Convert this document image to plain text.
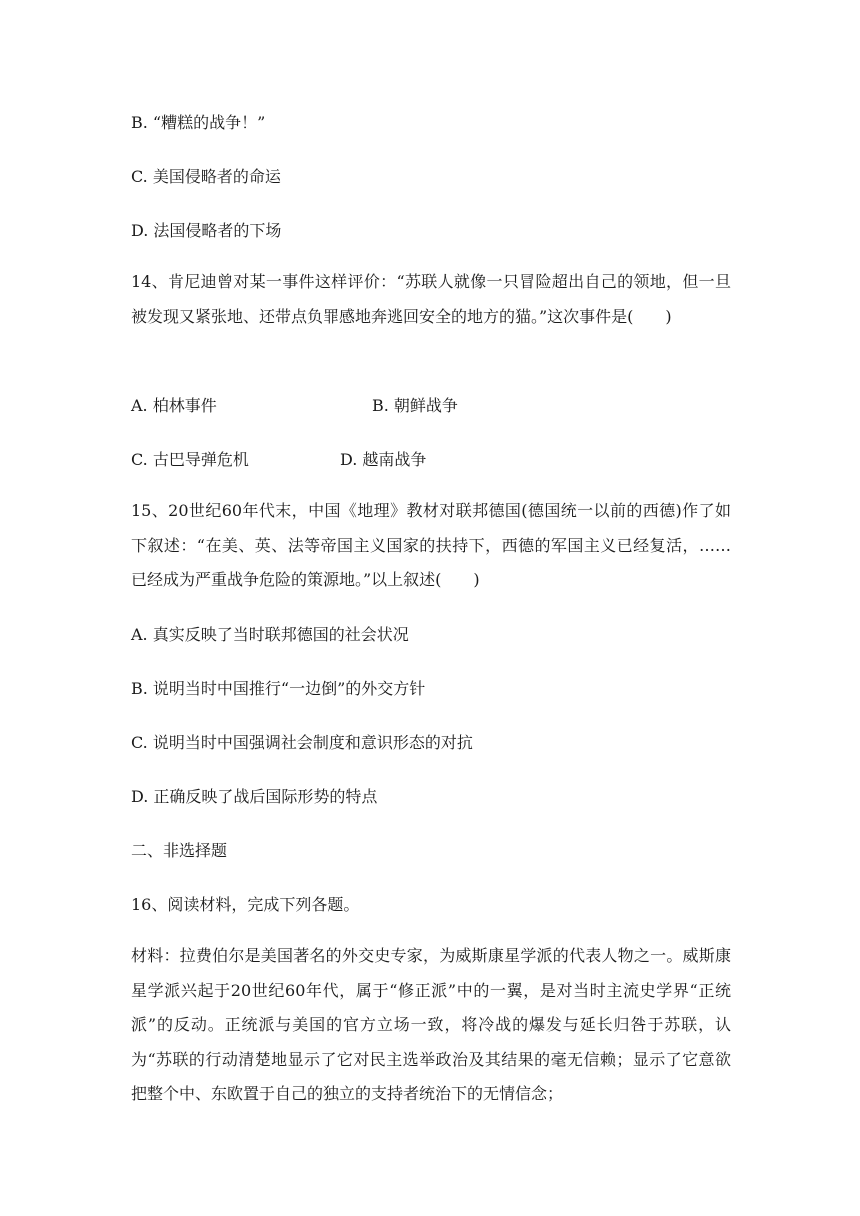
B. “糟糕的战争！”
C. 美国侵略者的命运
D. 法国侵略者的下场
14、肯尼迪曾对某一事件这样评价：“苏联人就像一只冒险超出自己的领地，但一旦被发现又紧张地、还带点负罪感地奔逃回安全的地方的猫。”这次事件是(　　)
A. 柏林事件	B. 朝鲜战争
C. 古巴导弹危机	D. 越南战争
15、20世纪60年代末，中国《地理》教材对联邦德国(德国统一以前的西德)作了如下叙述：“在美、英、法等帝国主义国家的扶持下，西德的军国主义已经复活，……已经成为严重战争危险的策源地。”以上叙述(　　)
A. 真实反映了当时联邦德国的社会状况
B. 说明当时中国推行“一边倒”的外交方针
C. 说明当时中国强调社会制度和意识形态的对抗
D. 正确反映了战后国际形势的特点
二、非选择题
16、阅读材料，完成下列各题。
材料：拉费伯尔是美国著名的外交史专家，为威斯康星学派的代表人物之一。威斯康星学派兴起于20世纪60年代，属于“修正派”中的一翼，是对当时主流史学界“正统派”的反动。正统派与美国的官方立场一致，将冷战的爆发与延长归咎于苏联，认为“苏联的行动清楚地显示了它对民主选举政治及其结果的毫无信赖；显示了它意欲把整个中、东欧置于自己的独立的支持者统治下的无情信念；
